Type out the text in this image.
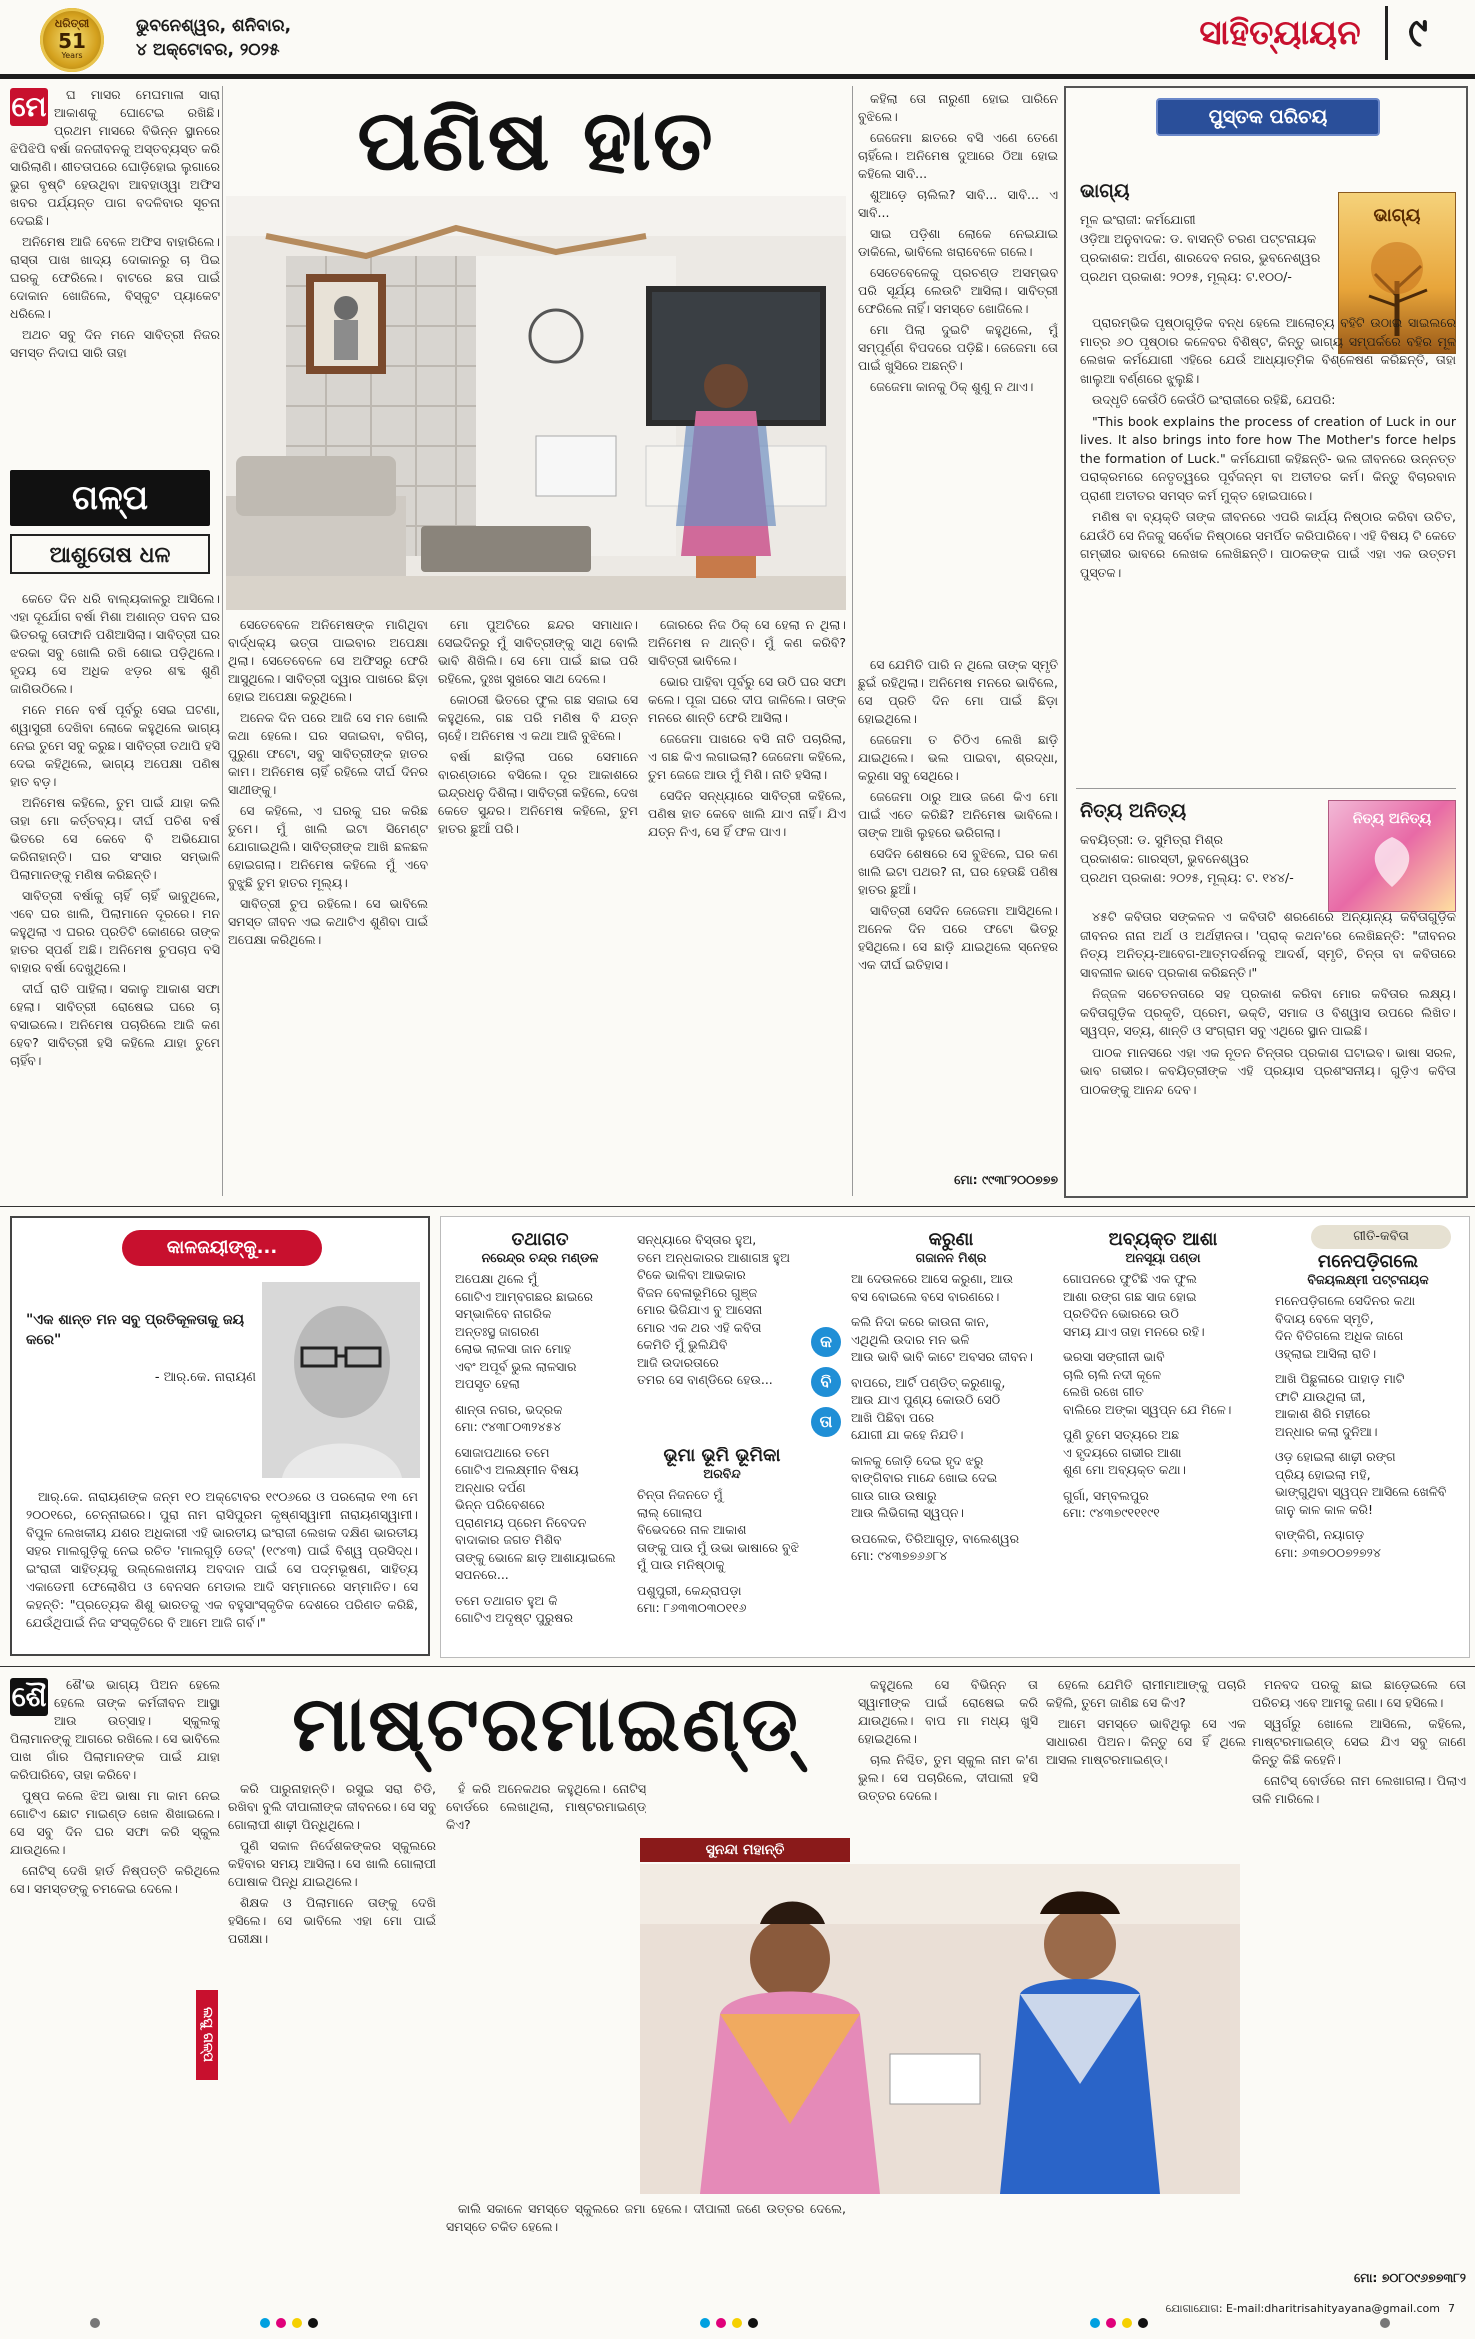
ଧରିତ୍ରୀ
51
Years
ଭୁବନେଶ୍ୱର, ଶନିବାର,
୪ ଅକ୍ଟୋବର, ୨୦୨୫	ସାହିତ୍ୟାୟନ	୯
ମେ	ଘ ମାସର ମେଘମାଳା ସାରା ଆକାଶକୁ ଘୋଟେଇ ରଖିଛି। ପ୍ରଥମ ମାସରେ ବିଭିନ୍ନ ସ୍ଥାନରେ ଝିପିଝିପି ବର୍ଷା ଜନଜୀବନକୁ ଅସ୍ତବ୍ୟସ୍ତ କରି ସାରିଲାଣି। ଶୀତତାପରେ ଘୋଡ଼ିହୋଇ ଲୁଗାରେ ଭୁଗ ବୃଷ୍ଟି ହେଉଥିବା ଆବହାଓ୍ୱା ଅଫିସ ଖବର ପର୍ଯ୍ୟନ୍ତ ପାଗ ବଦଳିବାର ସୂଚନା ଦେଇଛି।

ଅନିମେଷ ଆଜି ବେଳେ ଅଫିସ ବାହାରିଲେ। ରାସ୍ତା ପାଖ ଖାଦ୍ୟ ଦୋକାନରୁ ଚା ପିଇ ଘରକୁ ଫେରିଲେ। ବାଟରେ ଛତା ପାଇଁ ଦୋକାନ ଖୋଜିଲେ, ବିସ୍କୁଟ ପ୍ୟାକେଟ ଧରିଲେ।

ଅଥଚ ସବୁ ଦିନ ମନେ ସାବିତ୍ରୀ ନିଜର ସମସ୍ତ ନିଦାଘ ସାରି ତାହା

ଗଳ୍ପ
ଆଶୁତୋଷ ଧଳ
ପଣିଷ ହାତ

କେତେ ଦିନ ଧରି ବାଲ୍ୟକାଳରୁ ଆସିଲେ। ଏହା ଦୂର୍ଯୋଗ ବର୍ଷା ମିଶା ଅଶାନ୍ତ ପବନ ଘର ଭିତରକୁ ତୋଫାନି ପଶିଆସିଲା। ସାବିତ୍ରୀ ଘର ଝରକା ସବୁ ଖୋଲି ରଖି ଶୋଇ ପଡ଼ିଥିଲେ। ହୃଦୟ ସେ ଅଧିକ ଝଡ଼ର ଶବ୍ଦ ଶୁଣି ଜାଗିଉଠିଲେ।

ମନେ ମନେ ବର୍ଷ ପୂର୍ବରୁ ସେଇ ଘଟଣା, ଶ୍ୱାସୁରୀ ଦେଖିବା ଲୋକେ କହୁଥିଲେ ଭାଗ୍ୟ ନେଇ ତୁମେ ସବୁ କରୁଛ। ସାବିତ୍ରୀ ତଥାପି ହସି ଦେଇ କହିଥିଲେ, ଭାଗ୍ୟ ଅପେକ୍ଷା ପଣିଷ ହାତ ବଡ଼।

ଅନିମେଷ କହିଲେ, ତୁମ ପାଇଁ ଯାହା କଲି ତାହା ମୋ କର୍ତ୍ତବ୍ୟ। ଦୀର୍ଘ ପଚିଶ ବର୍ଷ ଭିତରେ ସେ କେବେ ବି ଅଭିଯୋଗ କରିନାହାନ୍ତି। ଘର ସଂସାର ସମ୍ଭାଳି ପିଲାମାନଙ୍କୁ ମଣିଷ କରିଛନ୍ତି।

ସାବିତ୍ରୀ ବର୍ଷାକୁ ଚାହିଁ ଚାହିଁ ଭାବୁଥିଲେ, ଏବେ ଘର ଖାଲି, ପିଲାମାନେ ଦୂରରେ। ମନ କହୁଥିଲା ଏ ଘରର ପ୍ରତିଟି କୋଣରେ ତାଙ୍କ ହାତର ସ୍ପର୍ଶ ଅଛି। ଅନିମେଷ ଚୁପଚାପ ବସି ବାହାର ବର୍ଷା ଦେଖୁଥିଲେ।

ଦୀର୍ଘ ରାତି ପାହିଲା। ସକାଳୁ ଆକାଶ ସଫା ହେଲା। ସାବିତ୍ରୀ ରୋଷେଇ ଘରେ ଚା ବସାଇଲେ। ଅନିମେଷ ପଚାରିଲେ ଆଜି କଣ ହେବ? ସାବିତ୍ରୀ ହସି କହିଲେ ଯାହା ତୁମେ ଚାହିଁବ।

ସେତେବେଳେ ଅନିମେଷଙ୍କ ମାଗିଥିବା ବାର୍ଦ୍ଧକ୍ୟ ଭତ୍ତା ପାଇବାର ଅପେକ୍ଷା ଥିଲା। ସେତେବେଳେ ସେ ଅଫିସରୁ ଫେରି ଆସୁଥିଲେ। ସାବିତ୍ରୀ ଦ୍ୱାର ପାଖରେ ଛିଡ଼ା ହୋଇ ଅପେକ୍ଷା କରୁଥିଲେ।

ଅନେକ ଦିନ ପରେ ଆଜି ସେ ମନ ଖୋଲି କଥା ହେଲେ। ଘର ସଜାଇବା, ବଗିଚା, ପୁରୁଣା ଫଟୋ, ସବୁ ସାବିତ୍ରୀଙ୍କ ହାତର କାମ। ଅନିମେଷ ଚାହିଁ ରହିଲେ ଦୀର୍ଘ ଦିନର ସାଥୀଙ୍କୁ।

ସେ କହିଲେ, ଏ ଘରକୁ ଘର କରିଛ ତୁମେ। ମୁଁ ଖାଲି ଇଟା ସିମେଣ୍ଟ ଯୋଗାଇଥିଲି। ସାବିତ୍ରୀଙ୍କ ଆଖି ଛଳଛଳ ହୋଇଗଲା। ଅନିମେଷ କହିଲେ ମୁଁ ଏବେ ବୁଝୁଛି ତୁମ ହାତର ମୂଲ୍ୟ।

ସାବିତ୍ରୀ ଚୁପ ରହିଲେ। ସେ ଭାବିଲେ ସମସ୍ତ ଜୀବନ ଏଇ କଥାଟିଏ ଶୁଣିବା ପାଇଁ ଅପେକ୍ଷା କରିଥିଲେ।

ମୋ ପୁଅଟିରେ ଛନ୍ଦର ସମାଧାନ। ସେଇଦିନରୁ ମୁଁ ସାବିତ୍ରୀଙ୍କୁ ସାଥି ବୋଲି ଭାବି ଶିଖିଲି। ସେ ମୋ ପାଇଁ ଛାଇ ପରି ରହିଲେ, ଦୁଃଖ ସୁଖରେ ସାଥ ଦେଲେ।

କୋଠରୀ ଭିତରେ ଫୁଲ ଗଛ ସଜାଇ ସେ କହୁଥିଲେ, ଗଛ ପରି ମଣିଷ ବି ଯତ୍ନ ଚାହେଁ। ଅନିମେଷ ଏ କଥା ଆଜି ବୁଝିଲେ।

ବର୍ଷା ଛାଡ଼ିଲା ପରେ ସେମାନେ ବାରଣ୍ଡାରେ ବସିଲେ। ଦୂର ଆକାଶରେ ଇନ୍ଦ୍ରଧନୁ ଦିଶିଲା। ସାବିତ୍ରୀ କହିଲେ, ଦେଖ କେତେ ସୁନ୍ଦର। ଅନିମେଷ କହିଲେ, ତୁମ ହାତର ଛୁଆଁ ପରି।

ଜୋରରେ ନିଜ ଠିକ୍ ସେ ହେଲା ନ ଥିଲା। ଅନିମେଷ ନ ଥାନ୍ତି। ମୁଁ କଣ କରିବି? ସାବିତ୍ରୀ ଭାବିଲେ।

ଭୋର ପାହିବା ପୂର୍ବରୁ ସେ ଉଠି ଘର ସଫା କଲେ। ପୂଜା ଘରେ ଦୀପ ଜାଳିଲେ। ତାଙ୍କ ମନରେ ଶାନ୍ତି ଫେରି ଆସିଲା।

ଜେଜେମା ପାଖରେ ବସି ନାତି ପଚାରିଲା, ଏ ଗଛ କିଏ ଲଗାଇଲା? ଜେଜେମା କହିଲେ, ତୁମ ଜେଜେ ଆଉ ମୁଁ ମିଶି। ନାତି ହସିଲା।

ସେଦିନ ସନ୍ଧ୍ୟାରେ ସାବିତ୍ରୀ କହିଲେ, ପଣିଷ ହାତ କେବେ ଖାଲି ଯାଏ ନାହିଁ। ଯିଏ ଯତ୍ନ ନିଏ, ସେ ହିଁ ଫଳ ପାଏ।

କହିଲା ତୋ ନାରୁଣୀ ହୋଇ ପାରିନେ ବୁଝିଲେ।

ଜେଜେମା ଛାତରେ ବସି ଏଣେ ତେଣେ ଚାହିଁଲେ। ଅନିମେଷ ଦୁଆରେ ଠିଆ ହୋଇ କହିଲେ ସାବି...

ଶୁଆଡ଼େ ଚାଲିଲ? ସାବି... ସାବି... ଏ ସାବି...

ସାଇ ପଡ଼ିଶା ଲୋକେ ନେଇଯାଇ ଡାକିଲେ, ଭାବିଲେ ଖରାବେଳେ ଗଲେ।

ସେତେବେଳେକୁ ପ୍ରଚଣ୍ଡ ଅସମ୍ଭବ ପରି ସୂର୍ଯ୍ୟ ଲେଉଟି ଆସିଲା। ସାବିତ୍ରୀ ଫେରିଲେ ନାହିଁ। ସମସ୍ତେ ଖୋଜିଲେ।

ମୋ ପିଲା ଦୁଇଟି କହୁଥିଲେ, ମୁଁ ସମ୍ପୂର୍ଣ୍ଣ ବିପଦରେ ପଡ଼ିଛି। ଜେଜେମା ତୋ ପାଇଁ ଖୁସିରେ ଅଛନ୍ତି।

ଜେଜେମା କାନକୁ ଠିକ୍ ଶୁଣୁ ନ ଥାଏ।

ସେ ଯେମିତି ପାରି ନ ଥିଲେ ତାଙ୍କ ସ୍ମୃତି ଛୁଇଁ ରହିଥିଲା। ଅନିମେଷ ମନରେ ଭାବିଲେ, ସେ ପ୍ରତି ଦିନ ମୋ ପାଇଁ ଛିଡ଼ା ହୋଇଥିଲେ।

ଜେଜେମା ତ ଚିଠିଏ ଲେଖି ଛାଡ଼ି ଯାଇଥିଲେ। ଭଲ ପାଇବା, ଶ୍ରଦ୍ଧା, କରୁଣା ସବୁ ସେଥିରେ।

ଜେଜେମା ଠାରୁ ଆଉ ଜଣେ କିଏ ମୋ ପାଇଁ ଏତେ କରିଛି? ଅନିମେଷ ଭାବିଲେ। ତାଙ୍କ ଆଖି ଲୁହରେ ଭରିଗଲା।

ସେଦିନ ଶେଷରେ ସେ ବୁଝିଲେ, ଘର କଣ ଖାଲି ଇଟା ପଥର? ନା, ଘର ହେଉଛି ପଣିଷ ହାତର ଛୁଆଁ।

ସାବିତ୍ରୀ ସେଦିନ ଜେଜେମା ଆସିଥିଲେ। ଅନେକ ଦିନ ପରେ ଫଟୋ ଭିତରୁ ହସିଥିଲେ। ସେ ଛାଡ଼ି ଯାଇଥିଲେ ସ୍ନେହର ଏକ ଦୀର୍ଘ ଇତିହାସ।

ମୋ: ୯୯୩୮୨୦୦୭୭୭
ପୁସ୍ତକ ପରିଚୟ
ଭାଗ୍ୟ
ମୂଳ ଇଂରାଜୀ: କର୍ମଯୋଗୀ
ଓଡ଼ିଆ ଅନୁବାଦକ: ଡ. ବାସନ୍ତି ଚରଣ ପଟ୍ଟନାୟକ
ପ୍ରକାଶକ: ଅର୍ପଣ, ଶାରଦେବ ନଗର, ଭୁବନେଶ୍ୱର
ପ୍ରଥମ ପ୍ରକାଶ: ୨୦୨୫, ମୂଲ୍ୟ: ଟ.୧୦୦/-
ଭାଗ୍ୟ

ପ୍ରାରମ୍ଭିକ ପୃଷ୍ଠାଗୁଡ଼ିକ ବନ୍ଧ ହେଲେ ଆଲୋଚ୍ୟ ବହିଟି ଉଠାଇ ସାଇଲରେ ମାତ୍ର ୬୦ ପୃଷ୍ଠାର କଳେବର ବିଶିଷ୍ଟ, କିନ୍ତୁ ଭାଗ୍ୟ ସମ୍ପର୍କରେ ବହିର ମୂଳ ଲେଖକ କର୍ମଯୋଗୀ ଏହିରେ ଯେଉଁ ଆଧ୍ୟାତ୍ମିକ ବିଶ୍ଳେଷଣ କରିଛନ୍ତି, ତାହା ଖାଲୁଆ ବର୍ଣ୍ଣରେ ଝୁଲୁଛି।

ଉଦ୍ଧୃତି କେଉଁଠି କେଉଁଠି ଇଂରାଜୀରେ ରହିଛି, ଯେପରି:

"This book explains the process of creation of Luck in our lives. It also brings into fore how The Mother's force helps the formation of Luck." କର୍ମଯୋଗୀ କହିଛନ୍ତି- ଭଲ ଜୀବନରେ ଉନ୍ନତ୍ତ ପରାକ୍ରମରେ ନେତୃତ୍ୱରେ ପୂର୍ବଜନ୍ମ ବା ଅତୀତର କର୍ମ। କିନ୍ତୁ ବିଚାରବାନ ପ୍ରାଣୀ ଅତୀତର ସମସ୍ତ କର୍ମ ମୁକ୍ତ ହୋଇପାରେ।

ମଣିଷ ବା ବ୍ୟକ୍ତି ତାଙ୍କ ଜୀବନରେ ଏପରି କାର୍ଯ୍ୟ ନିଷ୍ଠାର କରିବା ଉଚିତ, ଯେଉଁଠି ସେ ନିଜକୁ ସର୍ବୋଚ୍ଚ ନିଷ୍ଠାରେ ସମର୍ପିତ କରିପାରିବେ। ଏହି ବିଷୟ ଟି କେତେ ଗମ୍ଭୀର ଭାବରେ ଲେଖକ ଲେଖିଛନ୍ତି। ପାଠକଙ୍କ ପାଇଁ ଏହା ଏକ ଉତ୍ତମ ପୁସ୍ତକ।

ନିତ୍ୟ ଅନିତ୍ୟ
କବୟିତ୍ରୀ: ଡ. ସୁମିତ୍ରା ମିଶ୍ର
ପ୍ରକାଶକ: ଗାରସ୍ତୀ, ଭୁବନେଶ୍ୱର
ପ୍ରଥମ ପ୍ରକାଶ: ୨୦୨୫, ମୂଲ୍ୟ: ଟ. ୧୪୪/-
ନିତ୍ୟ ଅନିତ୍ୟ

୪୫ଟି କବିତାର ସଙ୍କଳନ ଏ କବିତାଟି ଶରଣେରେ ଅନ୍ୟାନ୍ୟ କବିତାଗୁଡ଼ିକ ଜୀବନର ନାନା ଅର୍ଥ ଓ ଅର୍ଥହୀନତା। 'ପ୍ରାକ୍ କଥନ'ରେ ଲେଖିଛନ୍ତି: "ଜୀବନର ନିତ୍ୟ ଅନିତ୍ୟ-ଆବେଗ-ଆତ୍ମଦର୍ଶନକୁ ଆଦର୍ଶ, ସ୍ମୃତି, ଚିନ୍ତା ବା କବିତାରେ ସାବଲୀଳ ଭାବେ ପ୍ରକାଶ କରିଛନ୍ତି।"

ନିଜ୍ଜଳ ସଚେତନତାରେ ସହ ପ୍ରକାଶ କରିବା ମୋର କବିତାର ଲକ୍ଷ୍ୟ। କବିତାଗୁଡ଼ିକ ପ୍ରକୃତି, ପ୍ରେମ, ଭକ୍ତି, ସମାଜ ଓ ବିଶ୍ୱାସ ଉପରେ ଲିଖିତ। ସ୍ୱପ୍ନ, ସତ୍ୟ, ଶାନ୍ତି ଓ ସଂଗ୍ରାମ ସବୁ ଏଥିରେ ସ୍ଥାନ ପାଇଛି।

ପାଠକ ମାନସରେ ଏହା ଏକ ନୂତନ ଚିନ୍ତାର ପ୍ରକାଶ ଘଟାଇବ। ଭାଷା ସରଳ, ଭାବ ଗଭୀର। କବୟିତ୍ରୀଙ୍କ ଏହି ପ୍ରୟାସ ପ୍ରଶଂସନୀୟ। ଗୁଡ଼ିଏ କବିତା ପାଠକଙ୍କୁ ଆନନ୍ଦ ଦେବ।

କାଳଜୟୀଙ୍କୁ...
"ଏକ ଶାନ୍ତ ମନ ସବୁ ପ୍ରତିକୂଳତାକୁ ଜୟ କରେ"
- ଆର୍.କେ. ନାରାୟଣ

ଆର୍.କେ. ନାରାୟଣଙ୍କ ଜନ୍ମ ୧୦ ଅକ୍ଟୋବର ୧୯୦୬ରେ ଓ ପରଲୋକ ୧୩ ମେ ୨୦୦୧ରେ, ଚେନ୍ନାଇରେ। ପୁରା ନାମ ରାସିପୁରମ କୃଷ୍ଣସ୍ୱାମୀ ନାରାୟଣସ୍ୱାମୀ। ବିପୁଳ ଲେଖକୀୟ ଯଶର ଅଧିକାରୀ ଏହି ଭାରତୀୟ ଇଂରାଜୀ ଲେଖକ ଦକ୍ଷିଣ ଭାରତୀୟ ସହର ମାଲଗୁଡ଼ିକୁ ନେଇ ରଚିତ 'ମାଲଗୁଡ଼ି ଡେଜ୍' (୧୯୪୩) ପାଇଁ ବିଶ୍ୱ ପ୍ରସିଦ୍ଧ। ଇଂରାଜୀ ସାହିତ୍ୟକୁ ଉଲ୍ଲେଖନୀୟ ଅବଦାନ ପାଇଁ ସେ ପଦ୍ମଭୂଷଣ, ସାହିତ୍ୟ ଏକାଡେମୀ ଫେଲୋଶିପ ଓ ବେନସନ ମେଡାଲ ଆଦି ସମ୍ମାନରେ ସମ୍ମାନିତ। ସେ କହନ୍ତି: "ପ୍ରତ୍ୟେକ ଶିଶୁ ଭାରତକୁ ଏକ ବହୁସାଂସ୍କୃତିକ ଦେଶରେ ପରିଣତ କରିଛି, ଯେଉଁଥିପାଇଁ ନିଜ ସଂସ୍କୃତିରେ ବି ଆମେ ଆଜି ଗର୍ବ।"

କ
ବି
ତା
ଗୀତି-କବିତା
ତଥାଗତ
ନରେନ୍ଦ୍ର ଚନ୍ଦ୍ର ମଣ୍ଡଳ
ଅପେକ୍ଷା ଥିଲେ ମୁଁ
ଗୋଟିଏ ଆମ୍ବଗଛର ଛାଇରେ
ସମ୍ଭାଳିବେ ନାଗରିକ
ଅନ୍ତଃସ୍ଥ ଜାଗରଣ
ଲୋଭ ଲାଳସା ଜାନ ମୋହ
ଏବଂ ଅପୂର୍ବ ଭୁଲ ଲାଳସାର
ଅପସୃତ ହେଲା
ଶାନ୍ତା ନଗର, ଭଦ୍ରକ
ମୋ: ୯୪୩୮୦୩୨୪୫୪
ସୋଜାପଥାରେ ତମେ
ଗୋଟିଏ ଅଲକ୍ଷ୍ମୀନ ବିଷୟ
ଅନ୍ଧାର ଦର୍ପଣ
ଭିନ୍ନ ପରିବେଶରେ
ପ୍ରାଣମୟ ପ୍ରେମ ନିବେଦନ
ବାଦାକାର ଜଗତ ମିଶିବ
ତାଙ୍କୁ ଭୋଳେ ଛାଡ଼ ଆଶାୟାଇଲେ
ସପନରେ...
ତମେ ତଥାଗତ ହୁଅ କି
ଗୋଟିଏ ଅଦୃଷ୍ଟ ପୁରୁଷର
ସନ୍ଧ୍ୟାରେ ବିସ୍ତାର ହୁଅ,
ତମେ ଅନ୍ଧକାରର ଆଶାଗଞ୍ଚ ହୁଅ
ଟିକେ ଭାଳିବା ଆଭକାର
ବିଜନ ବେଳାଭୂମିରେ ଗୁଞ୍ଜ
ମୋର ଭିଜିଯାଏ ବୁ ଆସେନା
ମୋର ଏକ ଥର ଏହି କବିତା
କେମିତି ମୁଁ ଭୁଲିଯିବି
ଆଜି ଉଦାରତାରେ
ତମର ସେ ବାଣ୍ଡିରେ ହେଉ...
ଭୂମା ଭୂମି ଭୂମିକା
ଅରବିନ୍ଦ
ଚିନ୍ତା ନିଜନତେ ମୁଁ
ଲାଲ୍ ଗୋଲାପ
ବିଭେଦରେ ନାଳ ଆକାଶ
ତାଙ୍କୁ ପାଉ ମୁଁ ଉଭା ଭାଷାରେ ବୁଝି
ମୁଁ ପାଉ ମନିଷ୍ଠାକୁ
ପଶୁପୁରୀ, କେନ୍ଦ୍ରାପଡ଼ା
ମୋ: ୮୬୩୩୦୩୦୧୧୬
କରୁଣା
ଗଜାନନ ମିଶ୍ର
ଆ ଦେଉଳରେ ଆସେ କରୁଣା, ଆଉ
ବସ ବୋଇଲେ ବସେ ବାରଣରେ।
କଲି ନିଦା କରେ କାଉନା କାନ,
ଏଥିଥିଲି ଉଦାର ମନ ଭଳି
ଆଉ ଭାବି ଭାବି କାଟେ ଅବସର ଜୀବନ।
ବାପରେ, ଆର୍ଟି ପଣ୍ଡିତ୍ କରୁଣାକୁ,
ଆଉ ଯାଏ ପୁଣ୍ୟ କୋଉଠି ସେଠି
ଆଖି ପିଛିବା ପରେ
ଯୋଗୀ ଯା କହେ ନିଯତି।
କାଳକୁ ଜୋଡ଼ି ଦେଇ ହୃଦ ଝରୁ
ବାଙ୍ଗିବାର ମାନ୍ଦେ ଖୋଇ ଦେଇ
ଗାଉ ଗାଉ ଉଷାରୁ
ଆଉ ଲିଭିଗଲା ସ୍ୱପ୍ନ।
ଉପଲେକ, ତିରିଆଗୁଡ଼, ବାଲେଶ୍ୱର
ମୋ: ୯୪୩୭୭୬୬୮୪
ଅବ୍ୟକ୍ତ ଆଶା
ଅନସୂୟା ପଣ୍ଡା
ଗୋପନରେ ଫୁଟିଛି ଏକ ଫୁଲ
ଆଶା ରଙ୍ଗ ଗଛ ସାଜ ହୋଇ
ପ୍ରତିଦିନ ଭୋରରେ ଉଠି
ସମୟ ଯାଏ ତାହା ମନରେ ରହି।
ଭରସା ସଙ୍ଗୀନୀ ଭାବି
ଚାଲି ଚାଲି ନଦୀ କୂଳେ
ଲେଖି ରଖେ ଗୀତ
ବାଲିରେ ଅଙ୍କା ସ୍ୱପ୍ନ ଯେ ମିଳେ।
ପୁଣି ତୁମେ ସତ୍ୟରେ ଅଛ
ଏ ହୃଦୟରେ ଗଭୀର ଆଶା
ଶୁଣ ମୋ ଅବ୍ୟକ୍ତ କଥା।
ଗୁର୍ଗା, ସମ୍ବଲପୁର
ମୋ: ୯୪୩୭୯୧୧୧୯୧
ମନେପଡ଼ିଗଲେ
ବିଜୟଲକ୍ଷ୍ମୀ ପଟ୍ଟନାୟକ
ମନେପଡ଼ିଗଲେ ସେଦିନର କଥା
ବିଦାୟ ବେଳେ ସ୍ମୃତି,
ଦିନ ବିତିଗଲେ ଅଧିକ ଜାଗେ
ଓହ୍ଲାଇ ଆସିଲା ରାତି।
ଆଖି ପିଛୁଳାରେ ପାହାଡ଼ ମାଟି
ଫାଟି ଯାଉଥିଲା ଜୀ,
ଆକାଶ ଶିରି ମହୀରେ
ଅନ୍ଧାର କଲା ଦୁନିଆ।
ଓଡ଼ ହୋଇଲା ଶାଢ଼ୀ ରଙ୍ଗ
ପ୍ରିୟ ହୋଇଲା ମହି,
ଭାଙ୍ଗୁଥିବା ସ୍ୱପ୍ନ ଆସିଲେ ଖେଳିବି
ଜାନୁ କାଳ କାଳ କରି!
ବାଙ୍କିଗି, ନୟାଗଡ଼
ମୋ: ୬୩୭୦୦୭୨୭୨୪
ଶୈ	ଶୈ'ଭ ଭାଗ୍ୟ ପିଅନ ହେଲେ ହେଲେ ତାଙ୍କ କର୍ମଜୀବନ ଆସ୍ଥା ଆଉ ଉତ୍ସାହ। ସ୍କୁଲକୁ ପିଲାମାନଙ୍କୁ ଆଗରେ ରଖିଲେ। ସେ ଭାବିଲେ ପାଖ ଗାଁର ପିଲାମାନଙ୍କ ପାଇଁ ଯାହା କରିପାରିବେ, ତାହା କରିବେ।

ପୁଷ୍ପ କଲେ ଝିଅ ଭାଷା ମା କାମ ନେଇ ଗୋଟିଏ ଛୋଟ ମାଇଣ୍ଡ ଖେଳ ଶିଖାଇଲେ। ସେ ସବୁ ଦିନ ଘର ସଫା କରି ସ୍କୁଲ ଯାଉଥିଲେ।

ନୋଟିସ୍ ଦେଖି ହାର୍ଡ ନିଷ୍ପତ୍ତି କରିଥିଲେ ସେ। ସମସ୍ତଙ୍କୁ ଚମକେଇ ଦେଲେ।

ଲଘୁ ଗଳ୍ପ
ମାଷ୍ଟରମାଇଣ୍ଡ୍

କରି ପାରୁନାହାନ୍ତି। ରସୁଇ ସରା ଚିଡି, ରଖିବା ବୁଲି ଦୀପାଲୀଙ୍କ ଜୀବନରେ। ସେ ସବୁ ଗୋଲାପୀ ଶାଢ଼ୀ ପିନ୍ଧିଥିଲେ।

ପୁଣି ସକାଳ ନିର୍ଦେଶକଙ୍କର ସ୍କୁଲରେ କହିବାର ସମୟ ଆସିଲା। ସେ ଖାଲି ଗୋଲାପୀ ପୋଷାକ ପିନ୍ଧି ଯାଇଥିଲେ।

ଶିକ୍ଷକ ଓ ପିଲାମାନେ ତାଙ୍କୁ ଦେଖି ହସିଲେ। ସେ ଭାବିଲେ ଏହା ମୋ ପାଇଁ ପରୀକ୍ଷା।

ହଁ କରି ଅନେକଥର କହୁଥିଲେ। ନୋଟିସ୍ ବୋର୍ଡରେ ଲେଖାଥିଲା, ମାଷ୍ଟରମାଇଣ୍ଡ୍ କିଏ?

ସୁନନ୍ଦା ମହାନ୍ତି

କାଲି ସକାଳେ ସମସ୍ତେ ସ୍କୁଲରେ ଜମା ହେଲେ। ଦୀପାଲୀ ଜଣେ ଉତ୍ତର ଦେଲେ, ସମସ୍ତେ ଚକିତ ହେଲେ।

କହୁଥିଲେ ସେ ବିଭିନ୍ନ ତା ସ୍ୱାମୀଙ୍କ ପାଇଁ ରୋଷେଇ କରି ଯାଉଥିଲେ। ବାପ ମା ମଧ୍ୟ ଖୁସି ହୋଇଥିଲେ।

ଚାଲ ନିଶ୍ଚିତ, ତୁମ ସ୍କୁଲ ନାମ କ'ଣ ଭୁଲ। ସେ ପଚାରିଲେ, ଦୀପାଲୀ ହସି ଉତ୍ତର ଦେଲେ।

ହେଲେ ଯେମିତି ରାମୀମାଆଙ୍କୁ ପଚାରି କହିଲି, ତୁମେ ଜାଣିଛ ସେ କିଏ?

ଆମେ ସମସ୍ତେ ଭାବିଥିଲୁ ସେ ଏକ ସାଧାରଣ ପିଅନ। କିନ୍ତୁ ସେ ହିଁ ଥିଲେ ଆସଲ ମାଷ୍ଟରମାଇଣ୍ଡ୍।

ମନବଦ ପରକୁ ଛାଇ ଛାଡ଼େଇଲେ ତୋ ପରିଚୟ ଏବେ ଆମକୁ ଜଣା। ସେ ହସିଲେ।

ସ୍ୱର୍ଗରୁ ଖୋଲେ ଆସିଲେ, କହିଲେ, ମାଷ୍ଟରମାଇଣ୍ଡ୍ ସେଇ ଯିଏ ସବୁ ଜାଣେ କିନ୍ତୁ କିଛି କହେନି।

ନୋଟିସ୍ ବୋର୍ଡରେ ନାମ ଲେଖାଗଲା। ପିଲାଏ ତାଳି ମାରିଲେ।

ମୋ: ୭୦୮୦୯୬୭୭୩୮୨
ଯୋଗାଯୋଗ: E-mail:dharitrisahityayana@gmail.com 7
